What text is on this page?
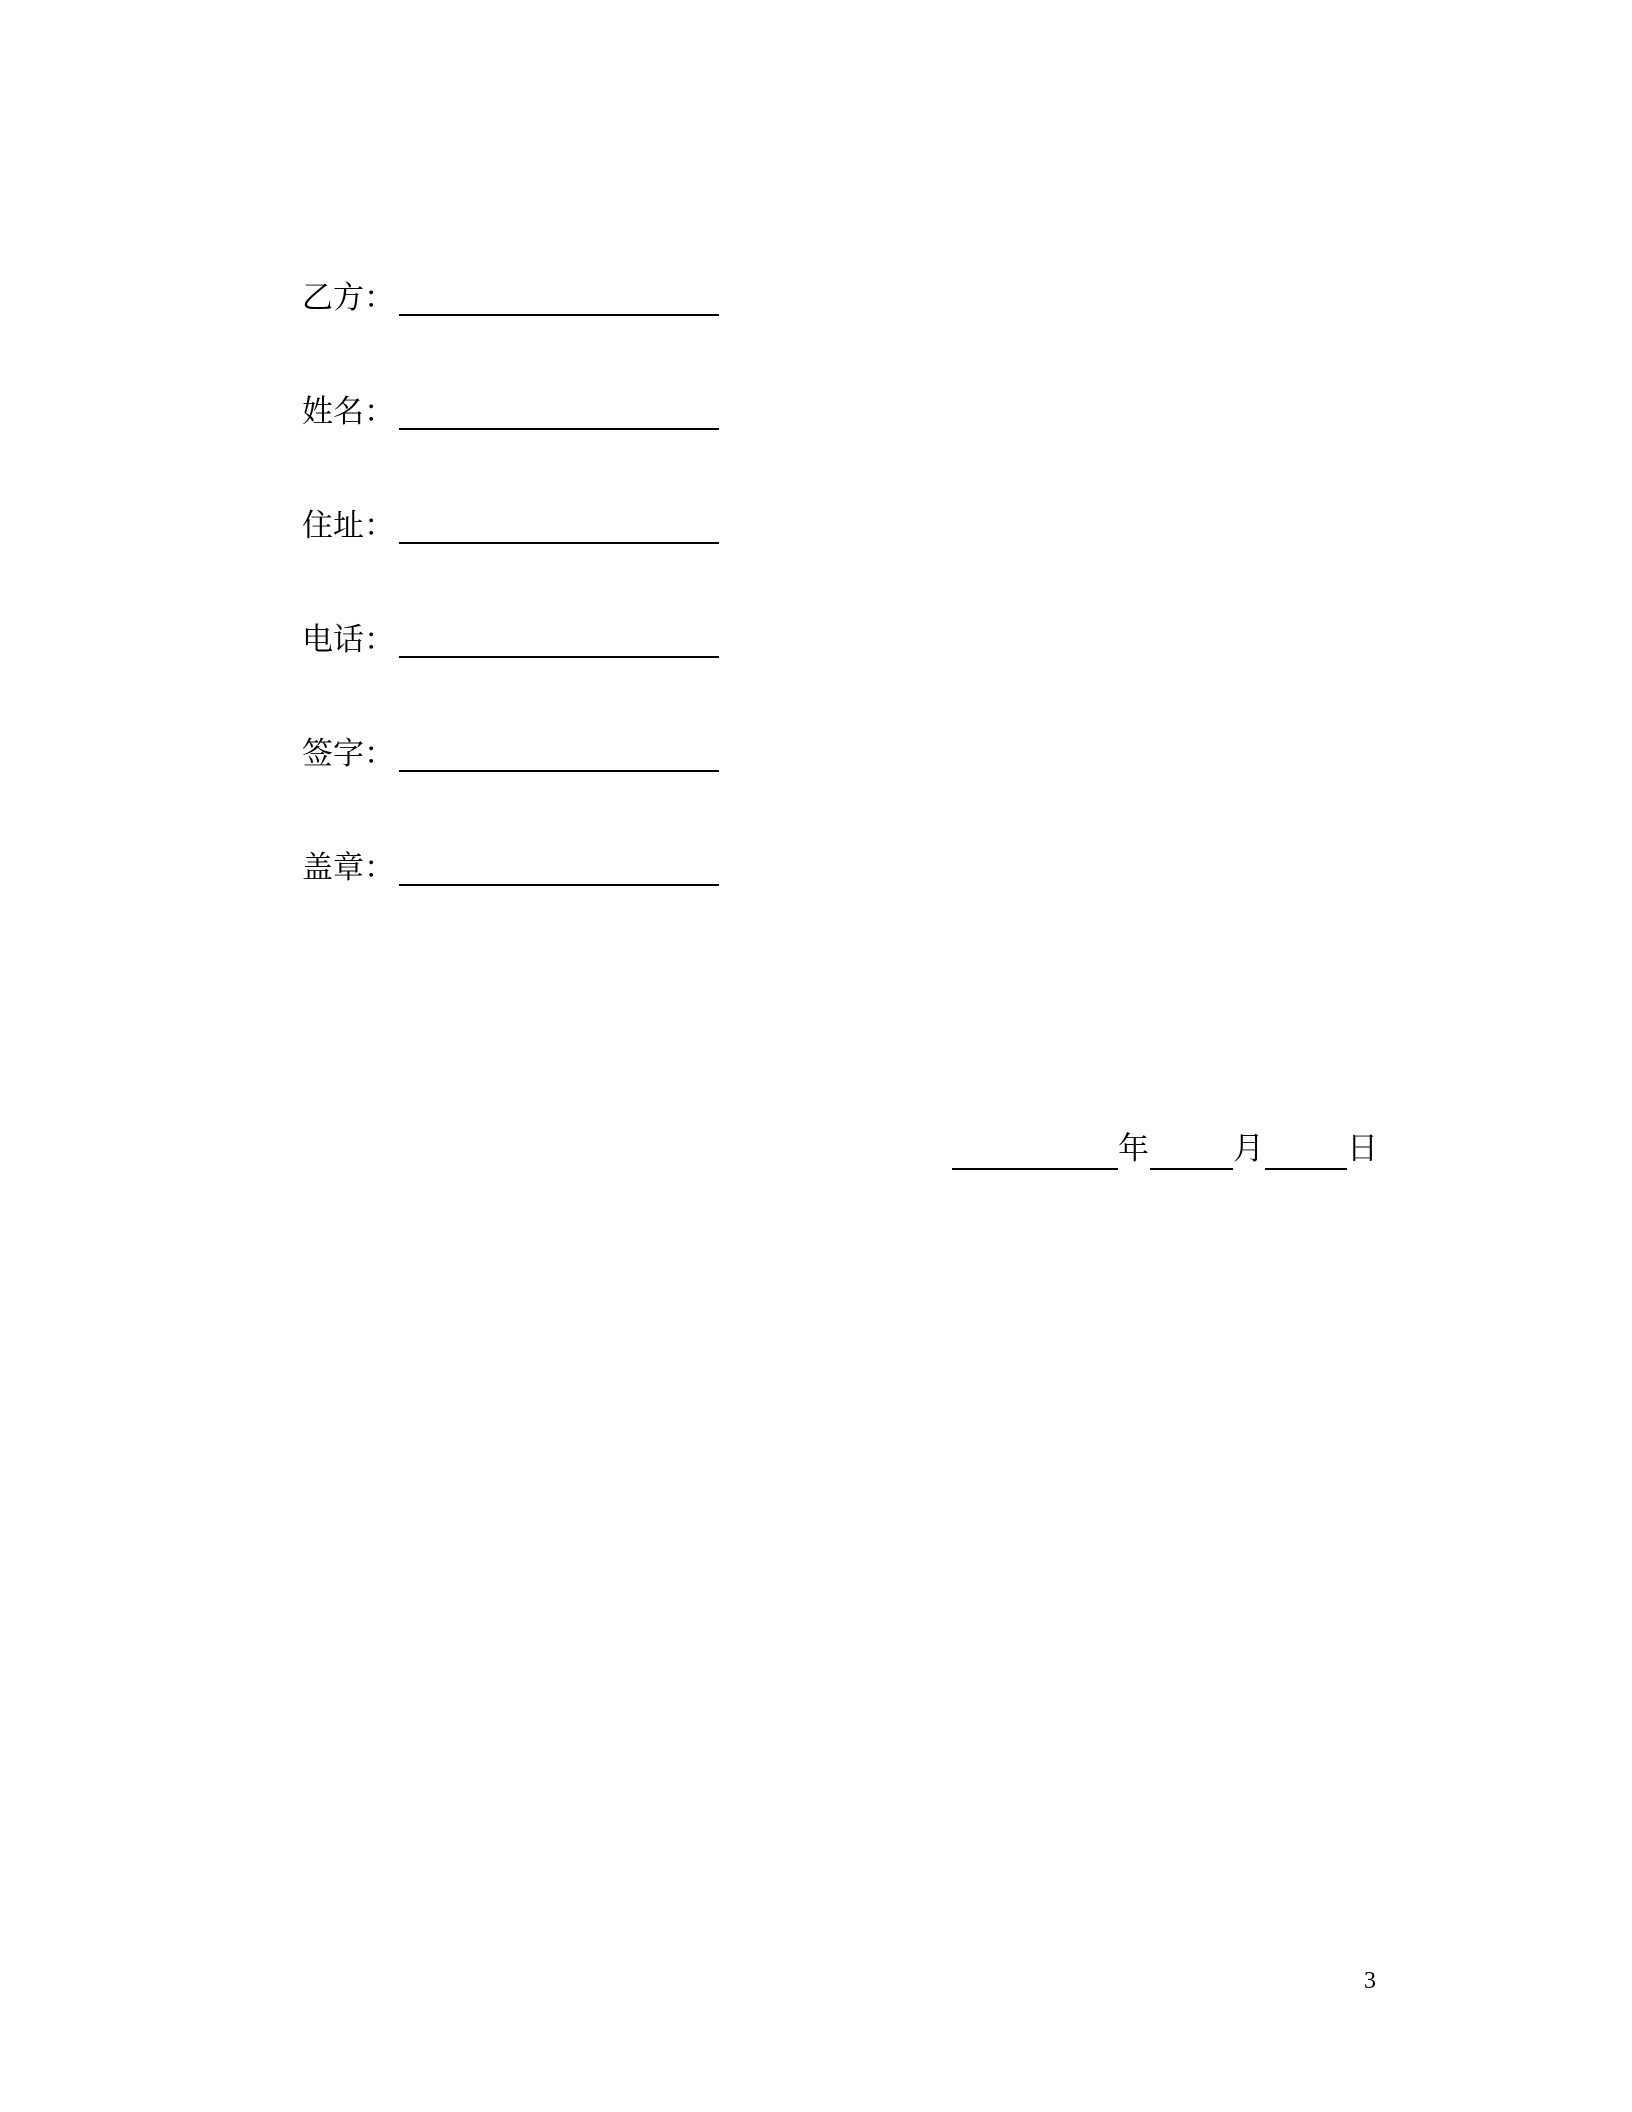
乙方：
姓名：
住址：
电话：
签字：
盖章：
年	月	日
3
